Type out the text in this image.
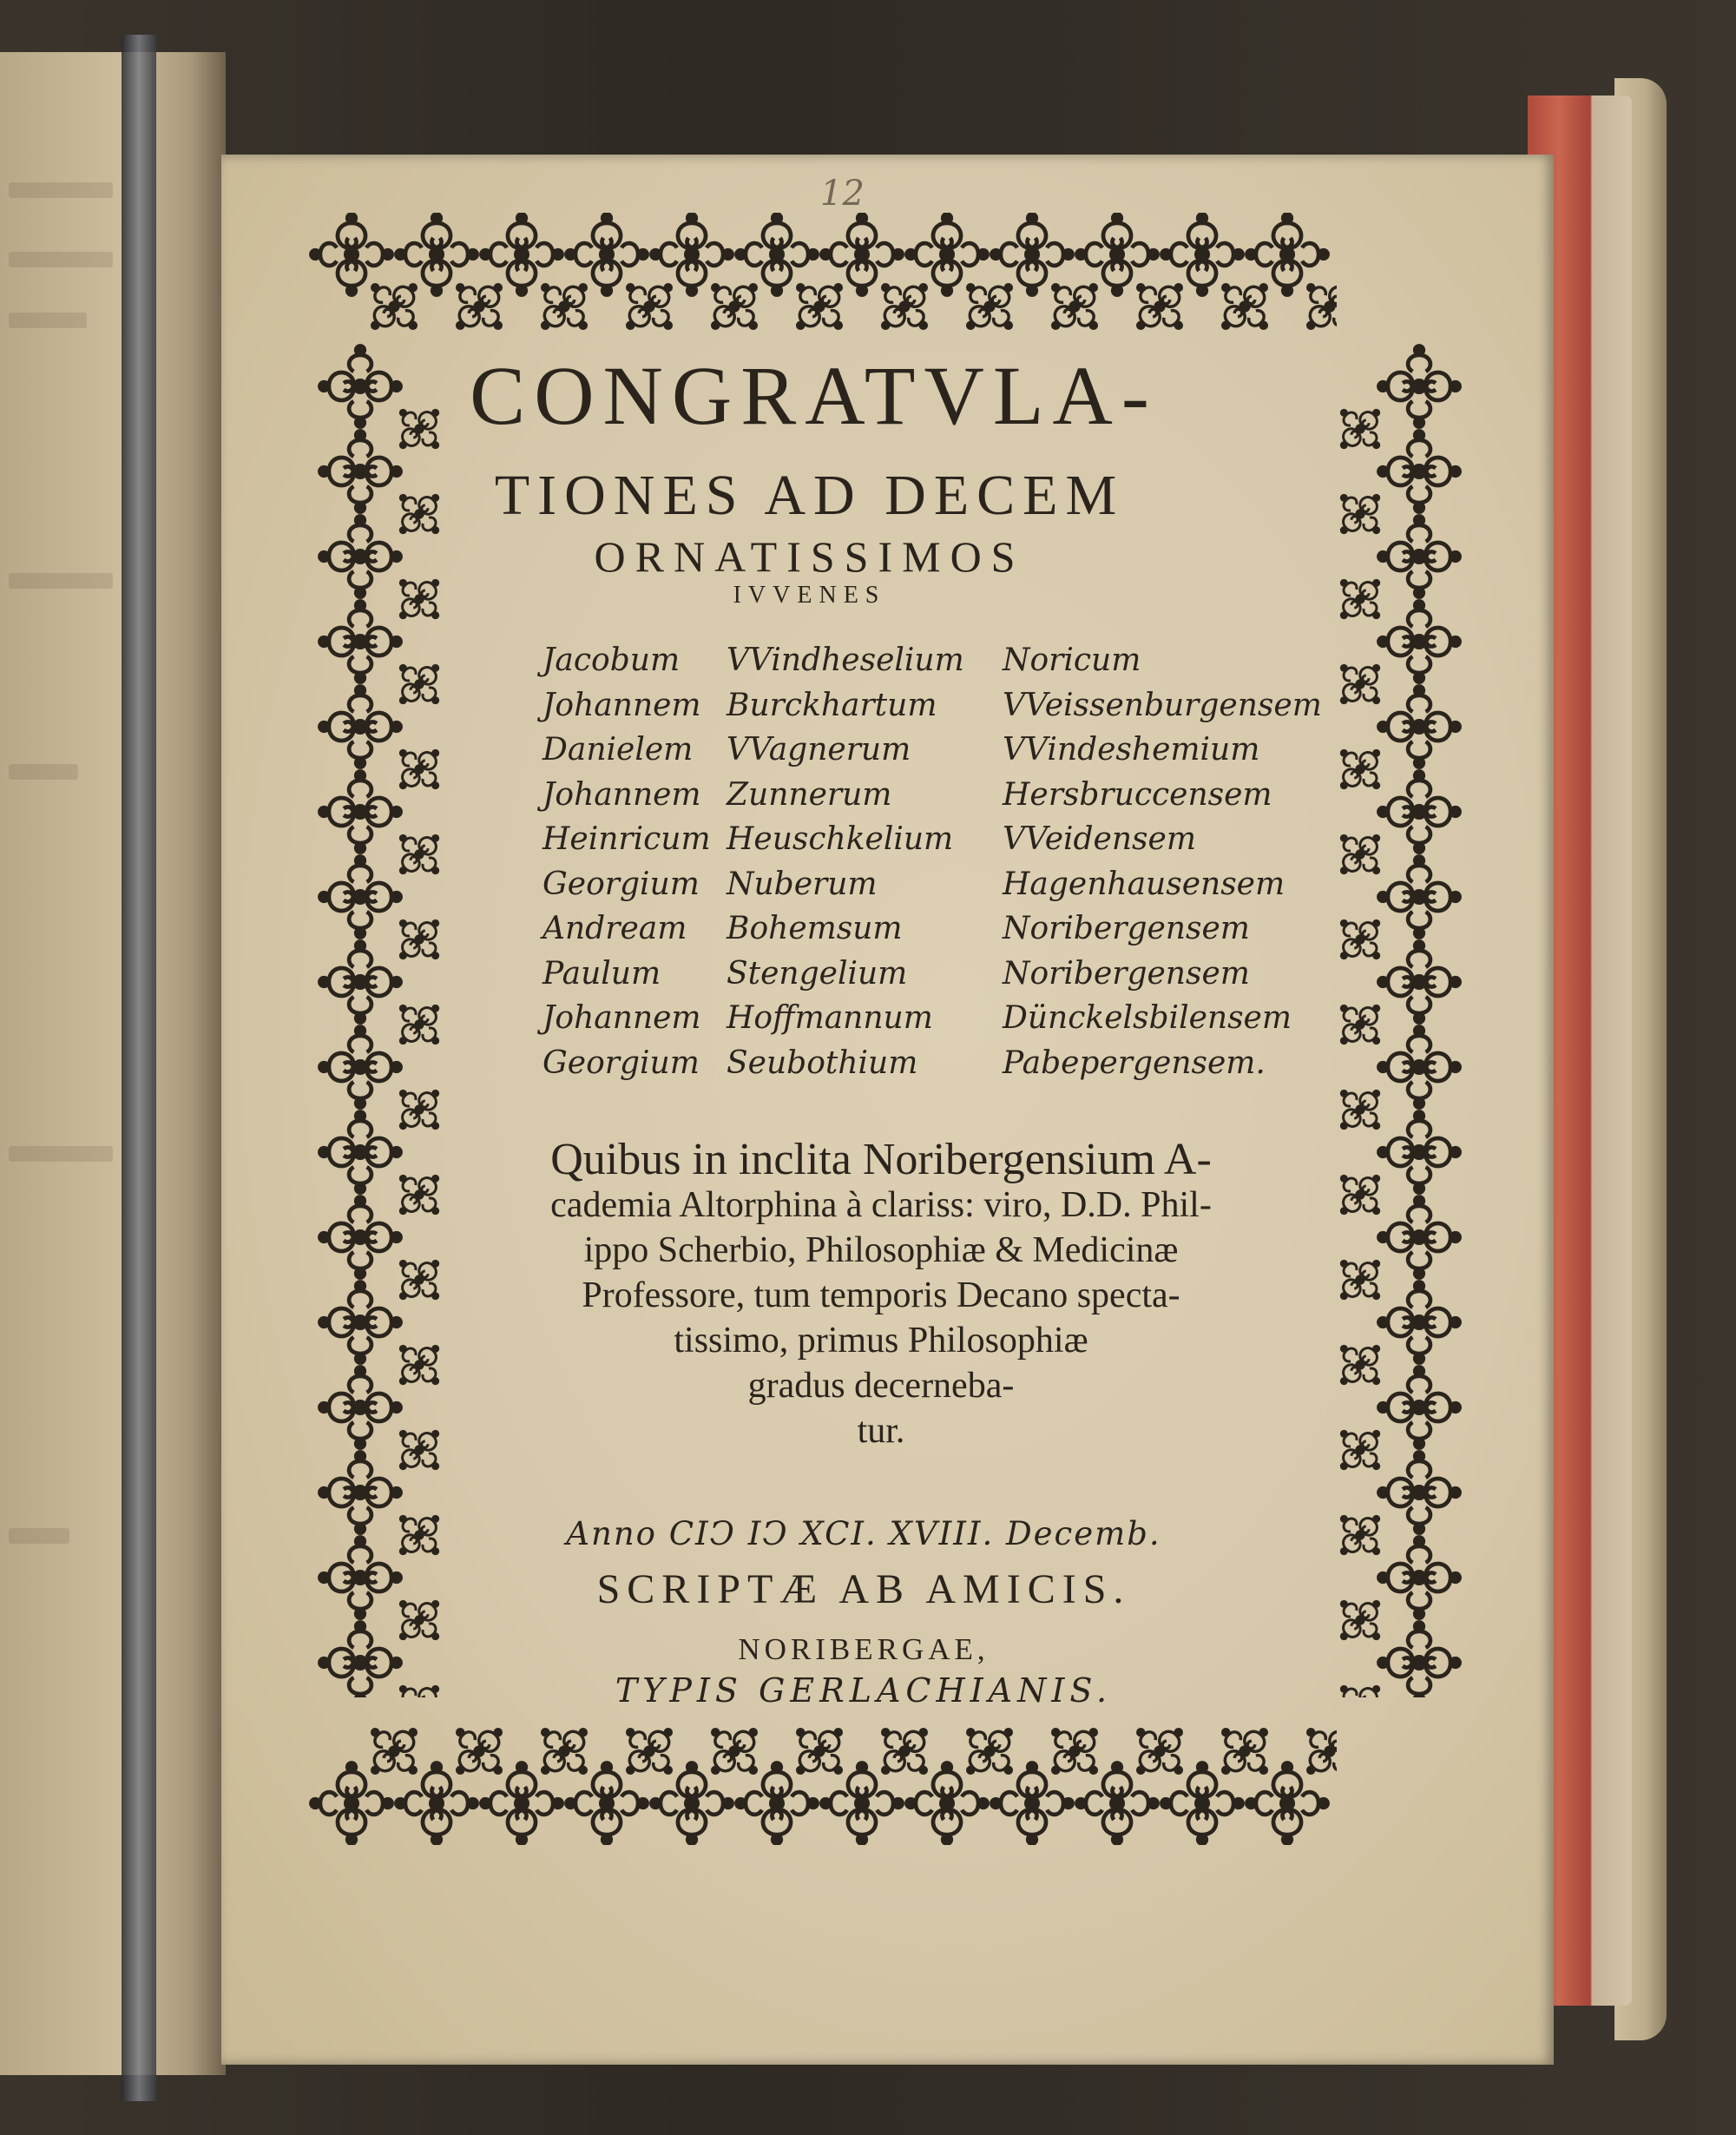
12
CONGRATVLA-
TIONES AD DECEM
ORNATISSIMOS
IVVENES
Jacobum VVindheselium Noricum
Johannem Burckhartum VVeissenburgensem
Danielem VVagnerum	VVindeshemium
Johannem Zunnerum	Hersbruccensem
Heinricum Heuschkelium VVeidensem
Georgium Nuberum	Hagenhausensem
Andream Bohemsum	Noribergensem
Paulum Stengelium	Noribergensem
Johannem Hoffmannum Dünckelsbilensem
Georgium Seubothium	Pabepergensem.
Quibus in inclita Noribergensium A-
cademia Altorphina à clariss: viro, D.D. Phil-
ippo Scherbio, Philosophiæ & Medicinæ
Professore, tum temporis Decano specta-
tissimo, primus Philosophiæ
gradus decerneba-
tur.
Anno CIↃ IↃ XCI. XVIII. Decemb.
SCRIPTÆ AB AMICIS.
NORIBERGAE,
TYPIS GERLACHIANIS.
